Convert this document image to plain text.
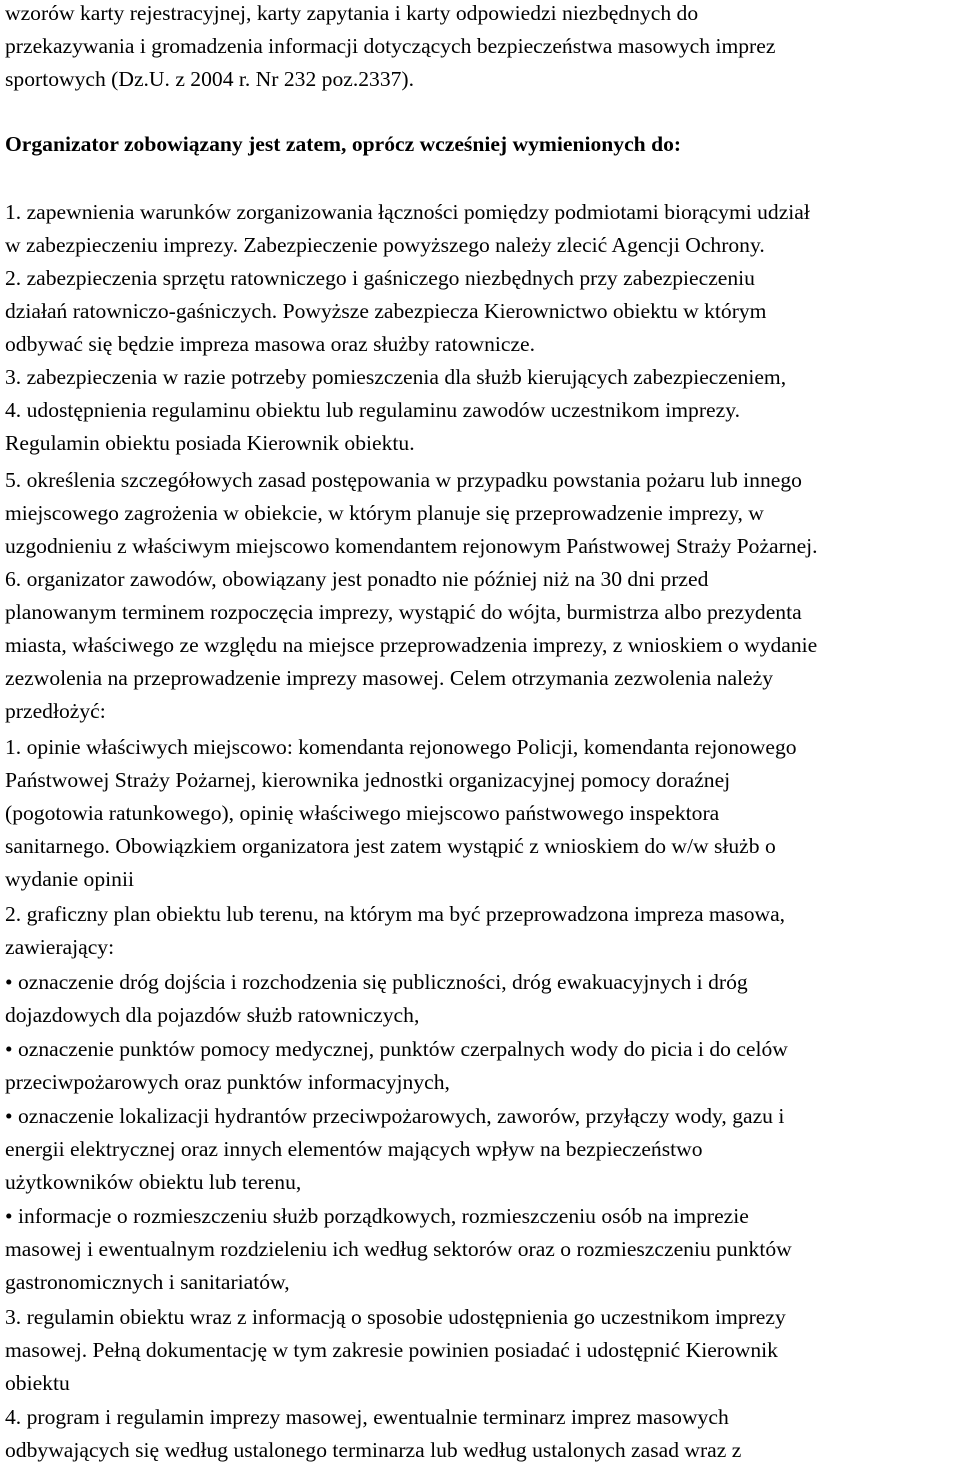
wzorów karty rejestracyjnej, karty zapytania i karty odpowiedzi niezbędnych do

przekazywania i gromadzenia informacji dotyczących bezpieczeństwa masowych imprez

sportowych (Dz.U. z 2004 r. Nr 232 poz.2337).

Organizator zobowiązany jest zatem, oprócz wcześniej wymienionych do:

1. zapewnienia warunków zorganizowania łączności pomiędzy podmiotami biorącymi udział

w zabezpieczeniu imprezy. Zabezpieczenie powyższego należy zlecić Agencji Ochrony.

2. zabezpieczenia sprzętu ratowniczego i gaśniczego niezbędnych przy zabezpieczeniu

działań ratowniczo-gaśniczych. Powyższe zabezpiecza Kierownictwo obiektu w którym

odbywać się będzie impreza masowa oraz służby ratownicze.

3. zabezpieczenia w razie potrzeby pomieszczenia dla służb kierujących zabezpieczeniem,

4. udostępnienia regulaminu obiektu lub regulaminu zawodów uczestnikom imprezy.

Regulamin obiektu posiada Kierownik obiektu.

5. określenia szczegółowych zasad postępowania w przypadku powstania pożaru lub innego

miejscowego zagrożenia w obiekcie, w którym planuje się przeprowadzenie imprezy, w

uzgodnieniu z właściwym miejscowo komendantem rejonowym Państwowej Straży Pożarnej.

6. organizator zawodów, obowiązany jest ponadto nie później niż na 30 dni przed

planowanym terminem rozpoczęcia imprezy, wystąpić do wójta, burmistrza albo prezydenta

miasta, właściwego ze względu na miejsce przeprowadzenia imprezy, z wnioskiem o wydanie

zezwolenia na przeprowadzenie imprezy masowej. Celem otrzymania zezwolenia należy

przedłożyć:

1. opinie właściwych miejscowo: komendanta rejonowego Policji, komendanta rejonowego

Państwowej Straży Pożarnej, kierownika jednostki organizacyjnej pomocy doraźnej

(pogotowia ratunkowego), opinię właściwego miejscowo państwowego inspektora

sanitarnego. Obowiązkiem organizatora jest zatem wystąpić z wnioskiem do w/w służb o

wydanie opinii

2. graficzny plan obiektu lub terenu, na którym ma być przeprowadzona impreza masowa,

zawierający:

• oznaczenie dróg dojścia i rozchodzenia się publiczności, dróg ewakuacyjnych i dróg

dojazdowych dla pojazdów służb ratowniczych,

• oznaczenie punktów pomocy medycznej, punktów czerpalnych wody do picia i do celów

przeciwpożarowych oraz punktów informacyjnych,

• oznaczenie lokalizacji hydrantów przeciwpożarowych, zaworów, przyłączy wody, gazu i

energii elektrycznej oraz innych elementów mających wpływ na bezpieczeństwo

użytkowników obiektu lub terenu,

• informacje o rozmieszczeniu służb porządkowych, rozmieszczeniu osób na imprezie

masowej i ewentualnym rozdzieleniu ich według sektorów oraz o rozmieszczeniu punktów

gastronomicznych i sanitariatów,

3. regulamin obiektu wraz z informacją o sposobie udostępnienia go uczestnikom imprezy

masowej. Pełną dokumentację w tym zakresie powinien posiadać i udostępnić Kierownik

obiektu

4. program i regulamin imprezy masowej, ewentualnie terminarz imprez masowych

odbywających się według ustalonego terminarza lub według ustalonych zasad wraz z
